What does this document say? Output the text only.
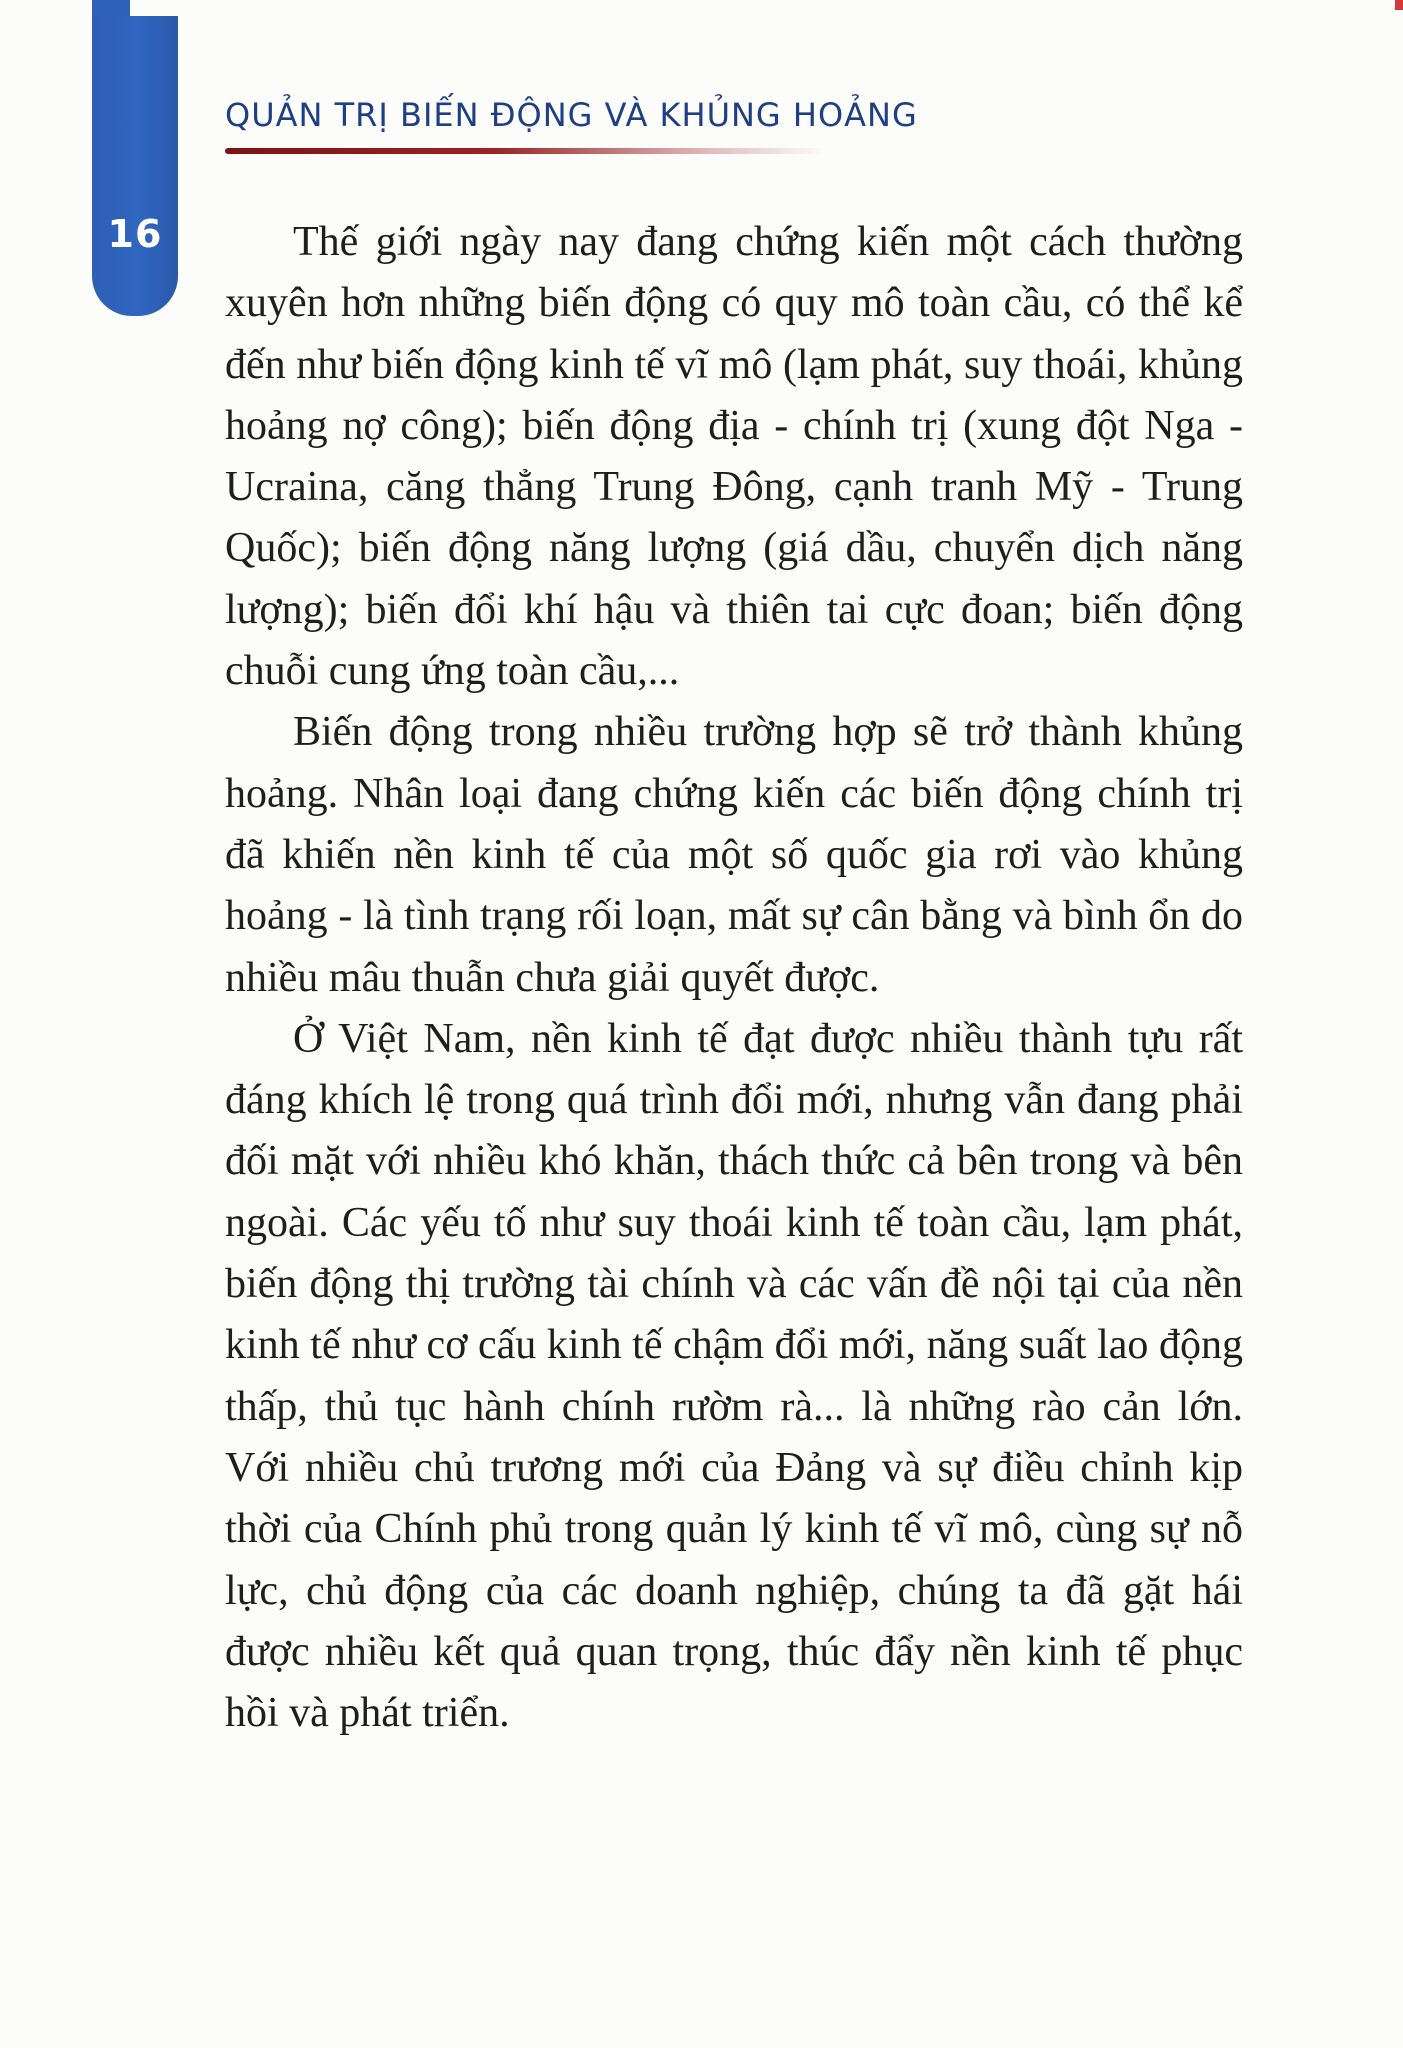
16
QUẢN TRỊ BIẾN ĐỘNG VÀ KHỦNG HOẢNG

Thế giới ngày nay đang chứng kiến một cách thường xuyên hơn những biến động có quy mô toàn cầu, có thể kể đến như biến động kinh tế vĩ mô (lạm phát, suy thoái, khủng hoảng nợ công); biến động địa - chính trị (xung đột Nga - Ucraina, căng thẳng Trung Đông, cạnh tranh Mỹ - Trung Quốc); biến động năng lượng (giá dầu, chuyển dịch năng lượng); biến đổi khí hậu và thiên tai cực đoan; biến động chuỗi cung ứng toàn cầu,...

Biến động trong nhiều trường hợp sẽ trở thành khủng hoảng. Nhân loại đang chứng kiến các biến động chính trị đã khiến nền kinh tế của một số quốc gia rơi vào khủng hoảng - là tình trạng rối loạn, mất sự cân bằng và bình ổn do nhiều mâu thuẫn chưa giải quyết được.

Ở Việt Nam, nền kinh tế đạt được nhiều thành tựu rất đáng khích lệ trong quá trình đổi mới, nhưng vẫn đang phải đối mặt với nhiều khó khăn, thách thức cả bên trong và bên ngoài. Các yếu tố như suy thoái kinh tế toàn cầu, lạm phát, biến động thị trường tài chính và các vấn đề nội tại của nền kinh tế như cơ cấu kinh tế chậm đổi mới, năng suất lao động thấp, thủ tục hành chính rườm rà... là những rào cản lớn. Với nhiều chủ trương mới của Đảng và sự điều chỉnh kịp thời của Chính phủ trong quản lý kinh tế vĩ mô, cùng sự nỗ lực, chủ động của các doanh nghiệp, chúng ta đã gặt hái được nhiều kết quả quan trọng, thúc đẩy nền kinh tế phục hồi và phát triển.
